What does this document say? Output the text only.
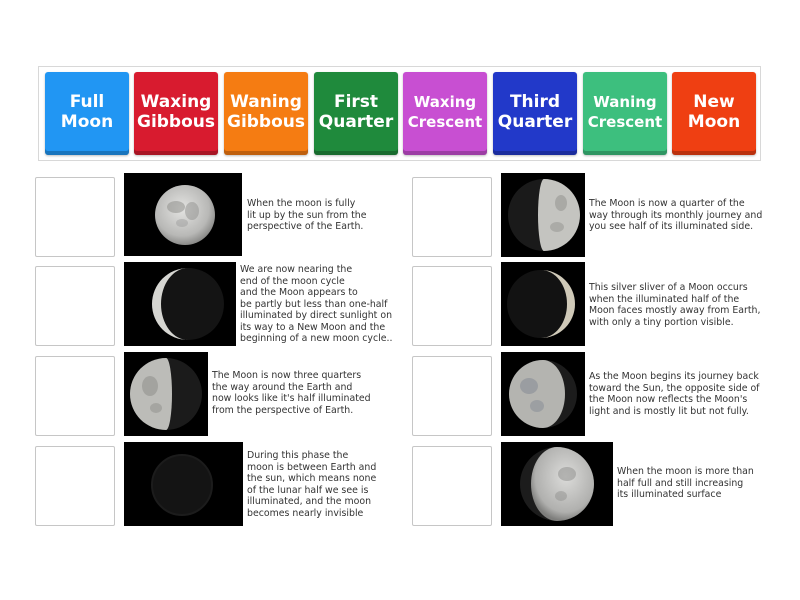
Full
Moon
Waxing
Gibbous
Waning
Gibbous
First
Quarter
Waxing
Crescent
Third
Quarter
Waning
Crescent
New
Moon
When the moon is fully
lit up by the sun from the
perspective of the Earth.
We are now nearing the
end of the moon cycle
and the Moon appears to
be partly but less than one-half
illuminated by direct sunlight on
its way to a New Moon and the
beginning of a new moon cycle..
The Moon is now three quarters
the way around the Earth and
now looks like it's half illuminated
from the perspective of Earth.
During this phase the
moon is between Earth and
the sun, which means none
of the lunar half we see is
illuminated, and the moon
becomes nearly invisible
The Moon is now a quarter of the
way through its monthly journey and
you see half of its illuminated side.
This silver sliver of a Moon occurs
when the illuminated half of the
Moon faces mostly away from Earth,
with only a tiny portion visible.
As the Moon begins its journey back
toward the Sun, the opposite side of
the Moon now reflects the Moon's
light and is mostly lit but not fully.
When the moon is more than
half full and still increasing
its illuminated surface
